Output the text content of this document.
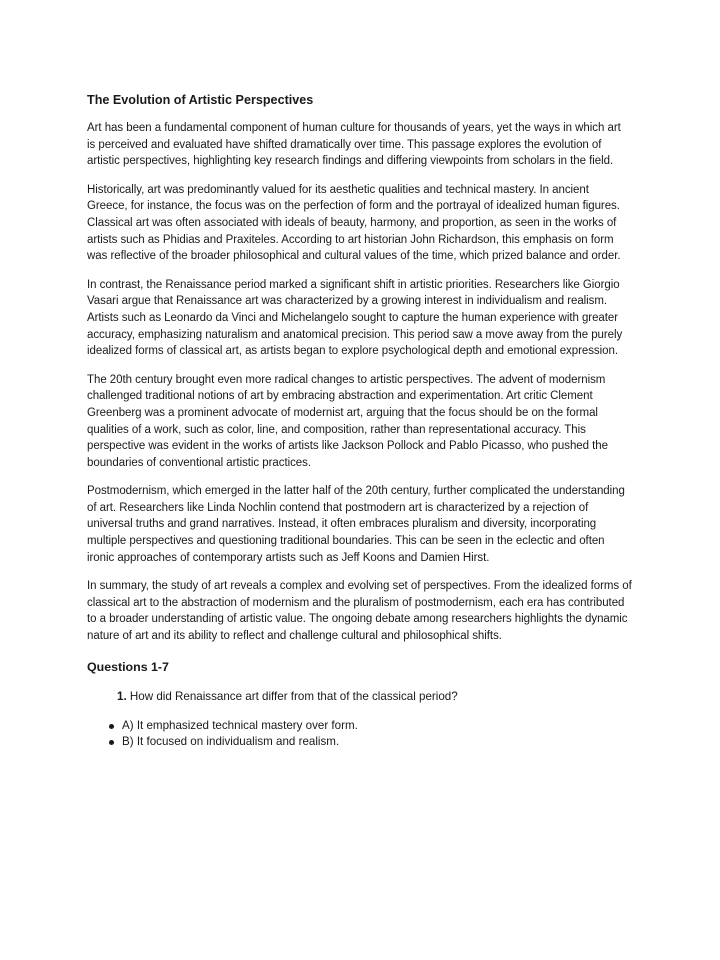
The Evolution of Artistic Perspectives

Art has been a fundamental component of human culture for thousands of years, yet the ways in which art is perceived and evaluated have shifted dramatically over time. This passage explores the evolution of artistic perspectives, highlighting key research findings and differing viewpoints from scholars in the field.

Historically, art was predominantly valued for its aesthetic qualities and technical mastery. In ancient Greece, for instance, the focus was on the perfection of form and the portrayal of idealized human figures. Classical art was often associated with ideals of beauty, harmony, and proportion, as seen in the works of artists such as Phidias and Praxiteles. According to art historian John Richardson, this emphasis on form was reflective of the broader philosophical and cultural values of the time, which prized balance and order.

In contrast, the Renaissance period marked a significant shift in artistic priorities. Researchers like Giorgio Vasari argue that Renaissance art was characterized by a growing interest in individualism and realism. Artists such as Leonardo da Vinci and Michelangelo sought to capture the human experience with greater accuracy, emphasizing naturalism and anatomical precision. This period saw a move away from the purely idealized forms of classical art, as artists began to explore psychological depth and emotional expression.

The 20th century brought even more radical changes to artistic perspectives. The advent of modernism challenged traditional notions of art by embracing abstraction and experimentation. Art critic Clement Greenberg was a prominent advocate of modernist art, arguing that the focus should be on the formal qualities of a work, such as color, line, and composition, rather than representational accuracy. This perspective was evident in the works of artists like Jackson Pollock and Pablo Picasso, who pushed the boundaries of conventional artistic practices.

Postmodernism, which emerged in the latter half of the 20th century, further complicated the understanding of art. Researchers like Linda Nochlin contend that postmodern art is characterized by a rejection of universal truths and grand narratives. Instead, it often embraces pluralism and diversity, incorporating multiple perspectives and questioning traditional boundaries. This can be seen in the eclectic and often ironic approaches of contemporary artists such as Jeff Koons and Damien Hirst.

In summary, the study of art reveals a complex and evolving set of perspectives. From the idealized forms of classical art to the abstraction of modernism and the pluralism of postmodernism, each era has contributed to a broader understanding of artistic value. The ongoing debate among researchers highlights the dynamic nature of art and its ability to reflect and challenge cultural and philosophical shifts.

Questions 1-7
1. How did Renaissance art differ from that of the classical period?
A) It emphasized technical mastery over form.
B) It focused on individualism and realism.
